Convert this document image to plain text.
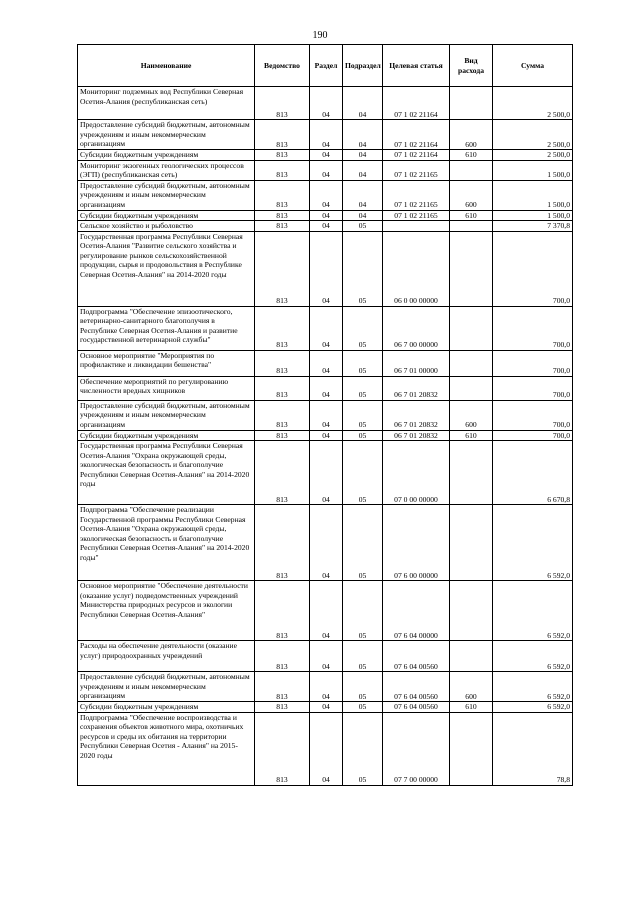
190
Наименование	Ведомство	Раздел	Подраздел	Целевая статья	Вид расхода	Сумма
Мониторинг подземных вод Республики Северная Осетия-Алания (республиканская сеть)	813	04	04	07 1 02 21164		2 500,0
Предоставление субсидий бюджетным, автономным учреждениям и иным некоммерческим организациям	813	04	04	07 1 02 21164	600	2 500,0
Субсидии бюджетным учреждениям	813	04	04	07 1 02 21164	610	2 500,0
Мониторинг экзогенных геологических процессов (ЭГП) (республиканская сеть)	813	04	04	07 1 02 21165		1 500,0
Предоставление субсидий бюджетным, автономным учреждениям и иным некоммерческим организациям	813	04	04	07 1 02 21165	600	1 500,0
Субсидии бюджетным учреждениям	813	04	04	07 1 02 21165	610	1 500,0
Сельское хозяйство и рыболовство	813	04	05			7 370,8
Государственная программа Республики Северная Осетия-Алания "Развитие сельского хозяйства и регулирование рынков сельскохозяйственной продукции, сырья и продовольствия в Республике Северная Осетия-Алания" на 2014-2020 годы	813	04	05	06 0 00 00000		700,0
Подпрограмма "Обеспечение эпизоотического, ветеринарно-санитарного благополучия в Республике Северная Осетия-Алания и развитие государственной ветеринарной службы"	813	04	05	06 7 00 00000		700,0
Основное мероприятие "Мероприятия по профилактике и ликвидации бешенства"	813	04	05	06 7 01 00000		700,0
Обеспечение мероприятий по регулированию численности вредных хищников	813	04	05	06 7 01 20832		700,0
Предоставление субсидий бюджетным, автономным учреждениям и иным некоммерческим организациям	813	04	05	06 7 01 20832	600	700,0
Субсидии бюджетным учреждениям	813	04	05	06 7 01 20832	610	700,0
Государственная программа Республики Северная Осетия-Алания "Охрана окружающей среды, экологическая безопасность и благополучие Республики Северная Осетия-Алания" на 2014-2020 годы	813	04	05	07 0 00 00000		6 670,8
Подпрограмма "Обеспечение реализации Государственной программы Республики Северная Осетия-Алания "Охрана окружающей среды, экологическая безопасность и благополучие Республики Северная Осетия-Алания" на 2014-2020 годы"	813	04	05	07 6 00 00000		6 592,0
Основное мероприятие "Обеспечение деятельности (оказание услуг) подведомственных учреждений Министерства природных ресурсов и экологии Республики Северная Осетия-Алания"	813	04	05	07 6 04 00000		6 592,0
Расходы на обеспечение деятельности (оказание услуг) природоохранных учреждений	813	04	05	07 6 04 00560		6 592,0
Предоставление субсидий бюджетным, автономным учреждениям и иным некоммерческим организациям	813	04	05	07 6 04 00560	600	6 592,0
Субсидии бюджетным учреждениям	813	04	05	07 6 04 00560	610	6 592,0
Подпрограмма "Обеспечение воспроизводства и сохранения объектов животного мира, охотничьих ресурсов и среды их обитания на территории Республики Северная Осетия - Алания" на 2015-2020 годы	813	04	05	07 7 00 00000		78,8
